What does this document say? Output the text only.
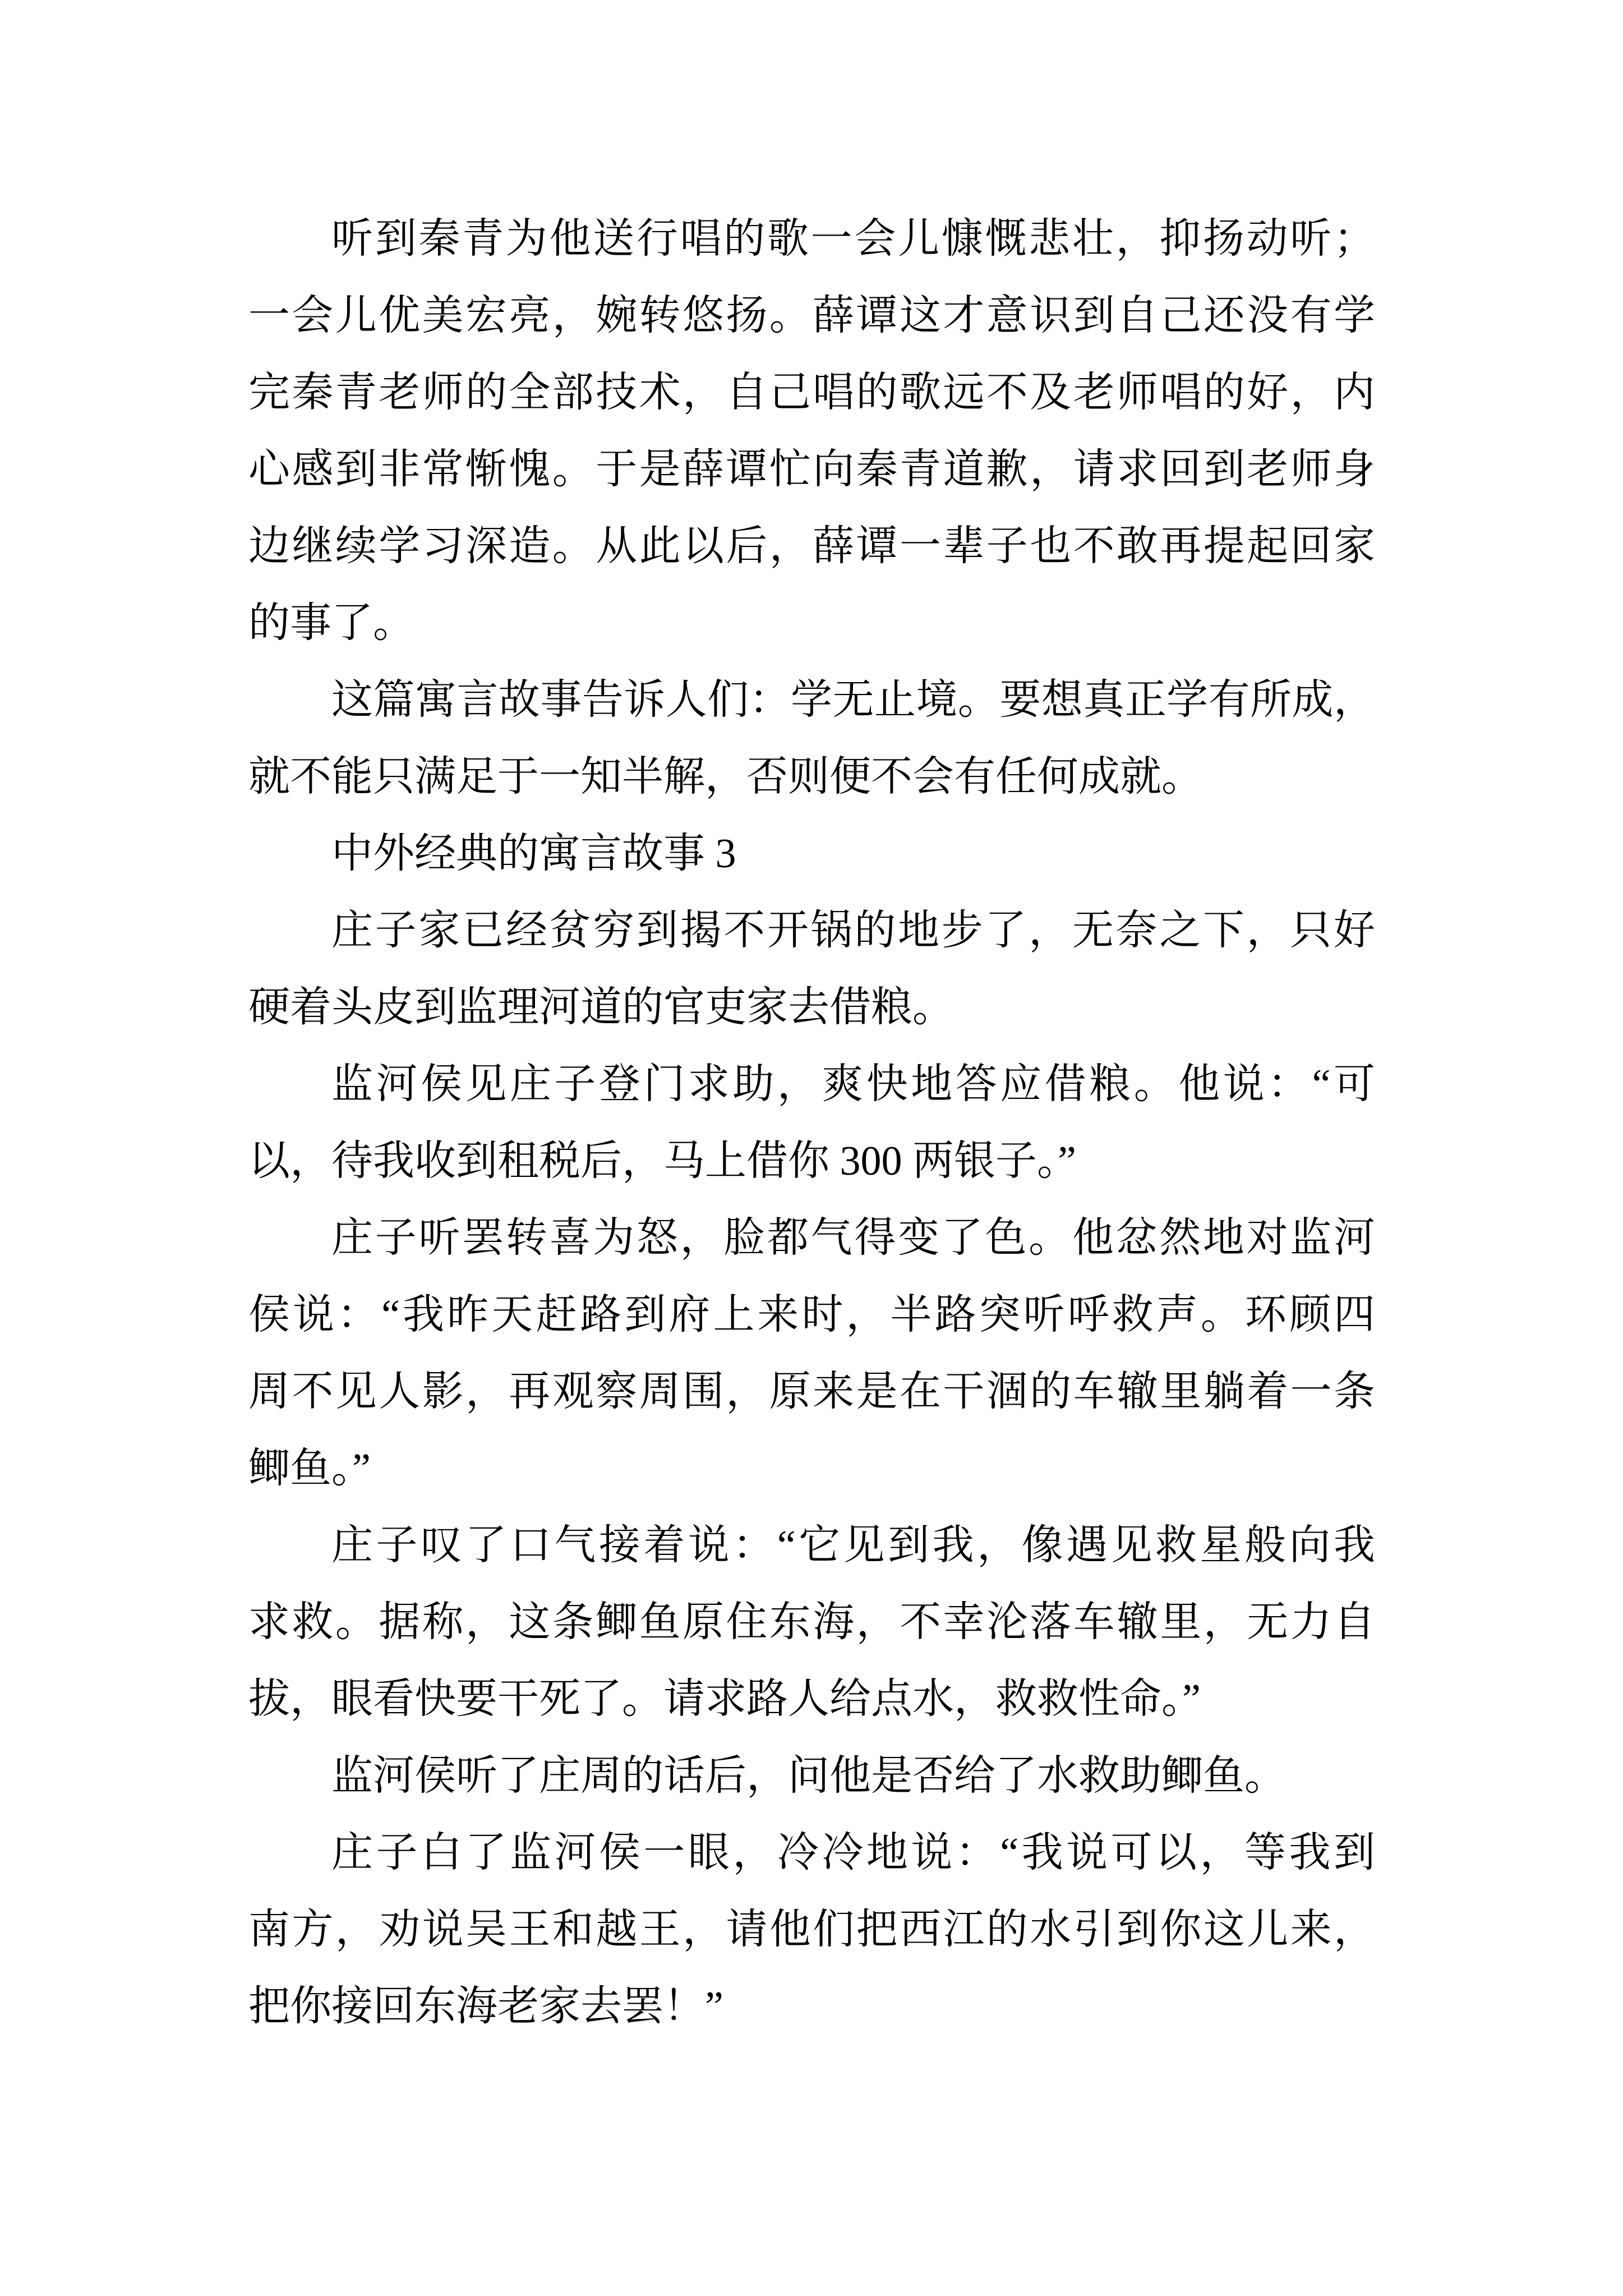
听到秦青为他送行唱的歌一会儿慷慨悲壮，抑扬动听；
一会儿优美宏亮，婉转悠扬。薛谭这才意识到自己还没有学
完秦青老师的全部技术，自己唱的歌远不及老师唱的好，内
心感到非常惭愧。于是薛谭忙向秦青道歉，请求回到老师身
边继续学习深造。从此以后，薛谭一辈子也不敢再提起回家
的事了。
这篇寓言故事告诉人们：学无止境。要想真正学有所成，
就不能只满足于一知半解，否则便不会有任何成就。
中外经典的寓言故事 3
庄子家已经贫穷到揭不开锅的地步了，无奈之下，只好
硬着头皮到监理河道的官吏家去借粮。
监河侯见庄子登门求助，爽快地答应借粮。他说：“可
以，待我收到租税后，马上借你 300 两银子。”
庄子听罢转喜为怒，脸都气得变了色。他忿然地对监河
侯说：“我昨天赶路到府上来时，半路突听呼救声。环顾四
周不见人影，再观察周围，原来是在干涸的车辙里躺着一条
鲫鱼。”
庄子叹了口气接着说：“它见到我，像遇见救星般向我
求救。据称，这条鲫鱼原住东海，不幸沦落车辙里，无力自
拔，眼看快要干死了。请求路人给点水，救救性命。”
监河侯听了庄周的话后，问他是否给了水救助鲫鱼。
庄子白了监河侯一眼，冷冷地说：“我说可以，等我到
南方，劝说吴王和越王，请他们把西江的水引到你这儿来，
把你接回东海老家去罢！”
